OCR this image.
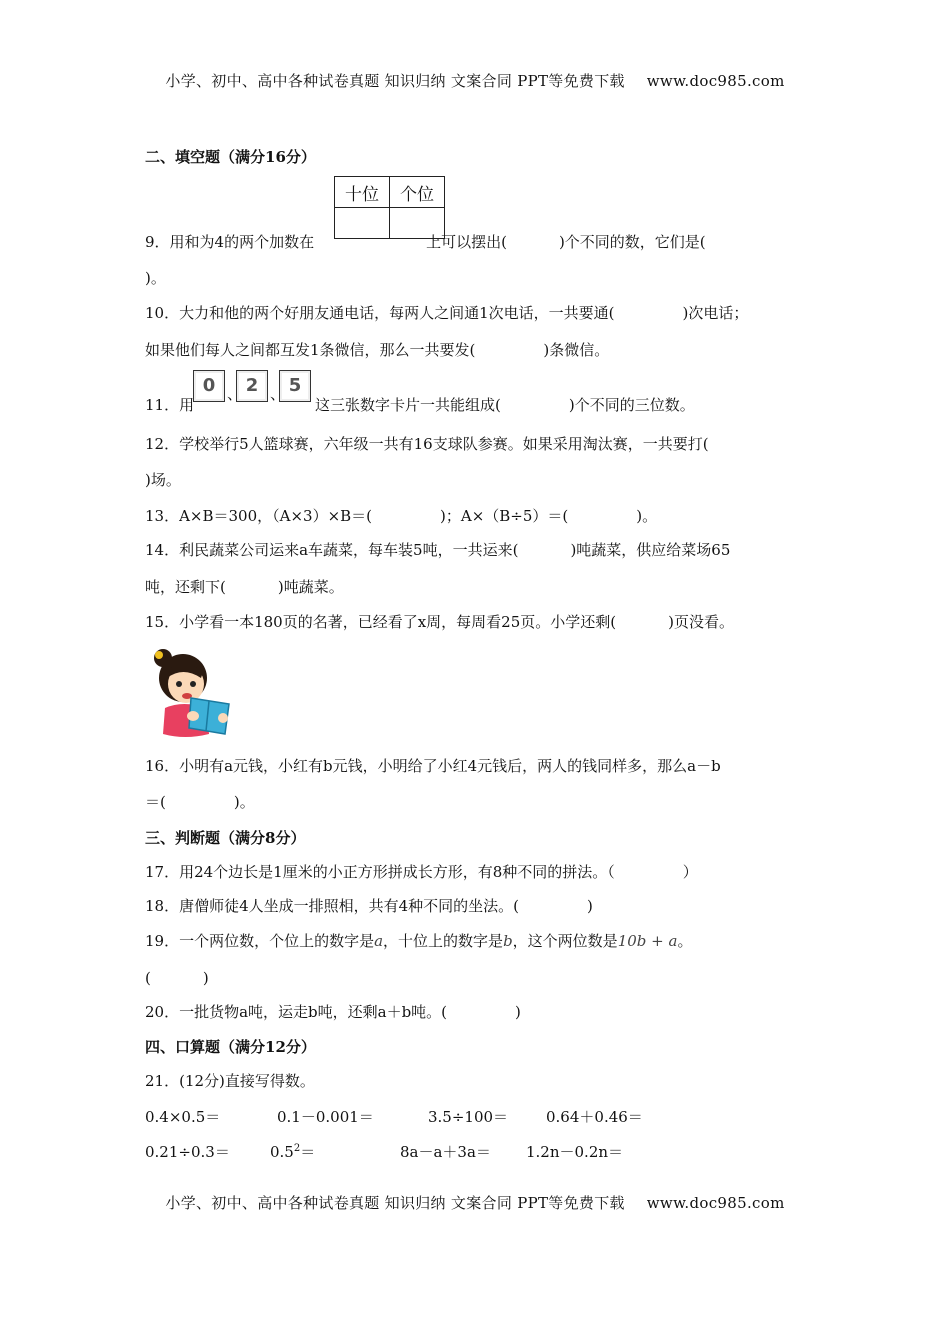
小学、初中、高中各种试卷真题 知识归纳 文案合同 PPT等免费下载 www.doc985.com
二、填空题（满分16分）
十位	个位

9．用和为4的两个加数在	上可以摆出(	)个不同的数，它们是(
)。
10．大力和他的两个好朋友通电话，每两人之间通1次电话，一共要通(	)次电话；
如果他们每人之间都互发1条微信，那么一共要发(	)条微信。
11．用
0 、 2 、 5
这三张数字卡片一共能组成(	)个不同的三位数。
12．学校举行5人篮球赛，六年级一共有16支球队参赛。如果采用淘汰赛，一共要打(
)场。
13．A×B＝300，（A×3）×B＝(	)；A×（B÷5）＝(	)。
14．利民蔬菜公司运来a车蔬菜，每车装5吨，一共运来(	)吨蔬菜，供应给菜场65
吨，还剩下(	)吨蔬菜。
15．小学看一本180页的名著，已经看了x周，每周看25页。小学还剩(	)页没看。
16．小明有a元钱，小红有b元钱，小明给了小红4元钱后，两人的钱同样多，那么a－b
＝(	)。
三、判断题（满分8分）
17．用24个边长是1厘米的小正方形拼成长方形，有8种不同的拼法。（	）
18．唐僧师徒4人坐成一排照相，共有4种不同的坐法。(	)
19．一个两位数，个位上的数字是a，十位上的数字是b，这个两位数是10b + a。
(	)
20．一批货物a吨，运走b吨，还剩a＋b吨。(	)
四、口算题（满分12分）
21．(12分)直接写得数。
0.4×0.5＝	0.1－0.001＝	3.5÷100＝	0.64＋0.46＝
0.21÷0.3＝	$0.5^2=$	8a－a＋3a＝ 1.2n－0.2n＝
小学、初中、高中各种试卷真题 知识归纳 文案合同 PPT等免费下载 www.doc985.com
